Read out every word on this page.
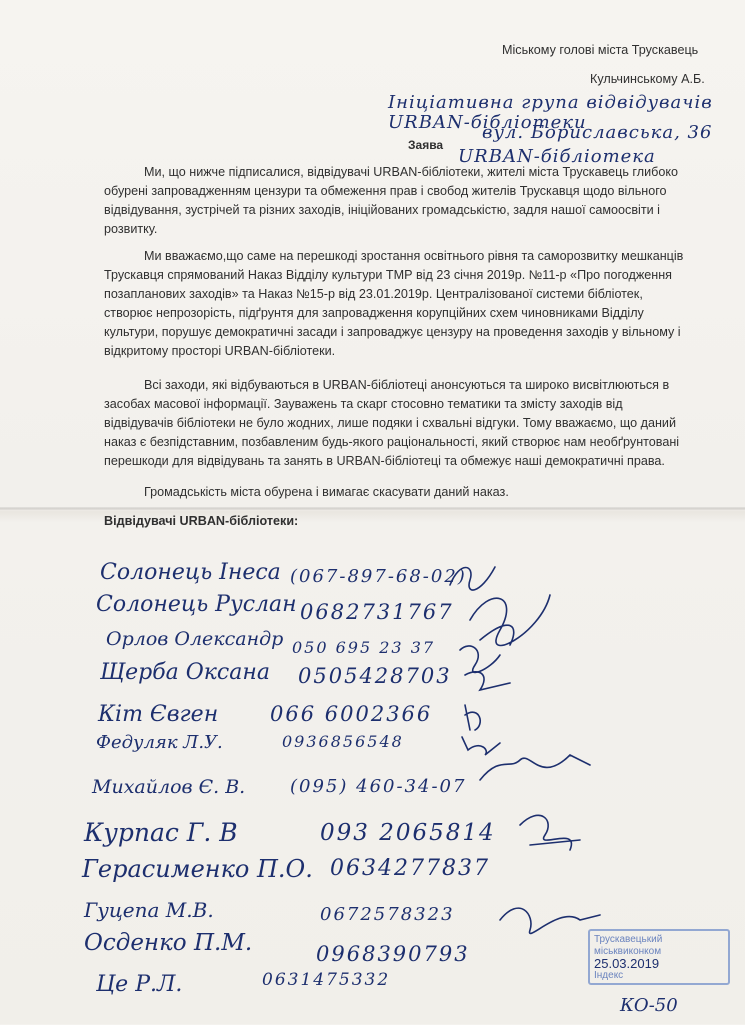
Міському голові міста Трускавець
Кульчинському А.Б.
Ініціативна група відвідувачів
URBAN-бібліотеки
вул. Бориславська, 36
URBAN-бібліотека
Заява
Ми, що нижче підписалися, відвідувачі URBAN-бібліотеки, жителі міста Трускавець глибоко обурені запровадженням цензури та обмеження прав і свобод жителів Трускавця щодо вільного відвідування, зустрічей та різних заходів, ініційованих громадськістю, задля нашої самоосвіти і розвитку.
Ми вважаємо,що саме на перешкоді зростання освітнього рівня та саморозвитку мешканців Трускавця спрямований Наказ Відділу культури ТМР від 23 січня 2019р. №11-р «Про погодження позапланових заходів» та Наказ №15-р від 23.01.2019р. Централізованої системи бібліотек, створює непрозорість, підґрунтя для запровадження корупційних схем чиновниками Відділу культури, порушує демократичні засади і запроваджує цензуру на проведення заходів у вільному і відкритому просторі URBAN-бібліотеки.
Всі заходи, які відбуваються в URBAN-бібліотеці анонсуються та широко висвітлюються в засобах масової інформації. Зауважень та скарг стосовно тематики та змісту заходів від відвідувачів бібліотеки не було жодних, лише подяки і схвальні відгуки. Тому вважаємо, що даний наказ є безпідставним, позбавленим будь-якого раціональності, який створює нам необґрунтовані перешкоди для відвідувань та занять в URBAN-бібліотеці та обмежує наші демократичні права.
Громадськість міста обурена і вимагає скасувати даний наказ.
Відвідувачі URBAN-бібліотеки:
Солонець Інеса (067-897-68-02)
Солонець Руслан 0682731767
Орлов Олександр 050 695 23 37
Щерба Оксана 0505428703
Кіт Євген 066 6002366
Федуляк Л.У.	0936856548
Михайлов Є. В. (095) 460-34-07
Курпас Г. В	093 2065814
Герасименко П.О. 0634277837
Гуцепа М.В.	0672578323
Осденко П.М.	0968390793
Це Р.Л.	0631475332
Трускавецький
міськвиконком
25.03.2019
Індекс
КО-50
